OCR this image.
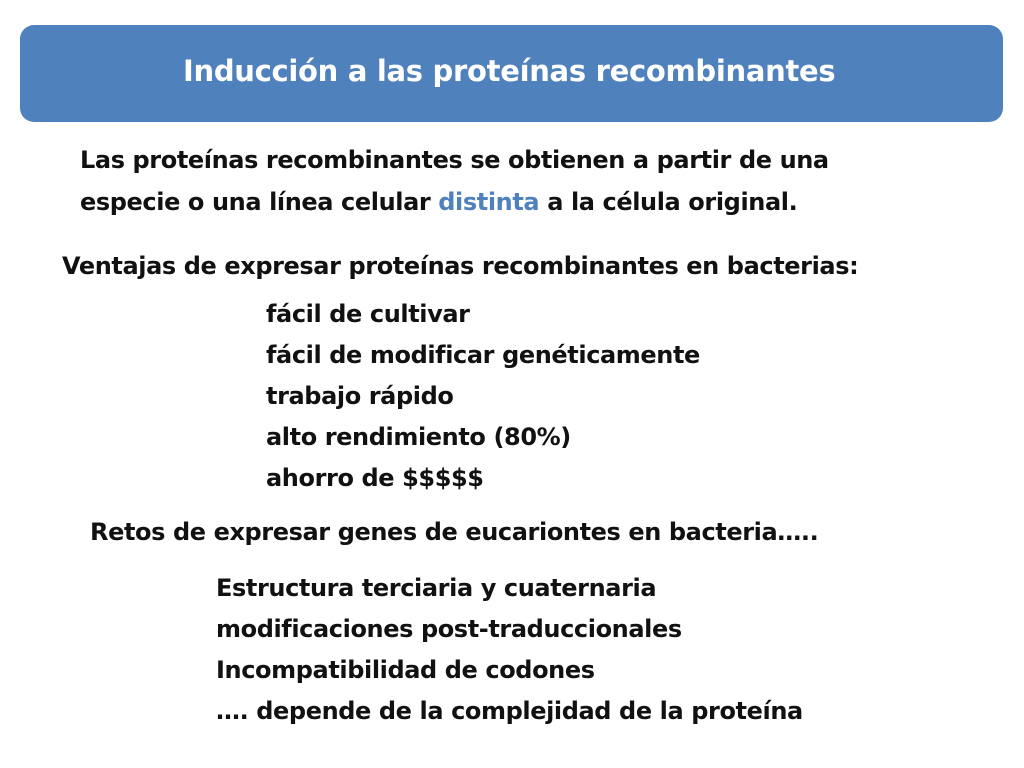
Inducción a las proteínas recombinantes
Las proteínas recombinantes se obtienen a partir de una
especie o una línea celular distinta a la célula original.
Ventajas de expresar proteínas recombinantes en bacterias:
fácil de cultivar
fácil de modificar genéticamente
trabajo rápido
alto rendimiento (80%)
ahorro de $$$$$
Retos de expresar genes de eucariontes en bacteria…..
Estructura terciaria y cuaternaria
modificaciones post-traduccionales
Incompatibilidad de codones
…. depende de la complejidad de la proteína
